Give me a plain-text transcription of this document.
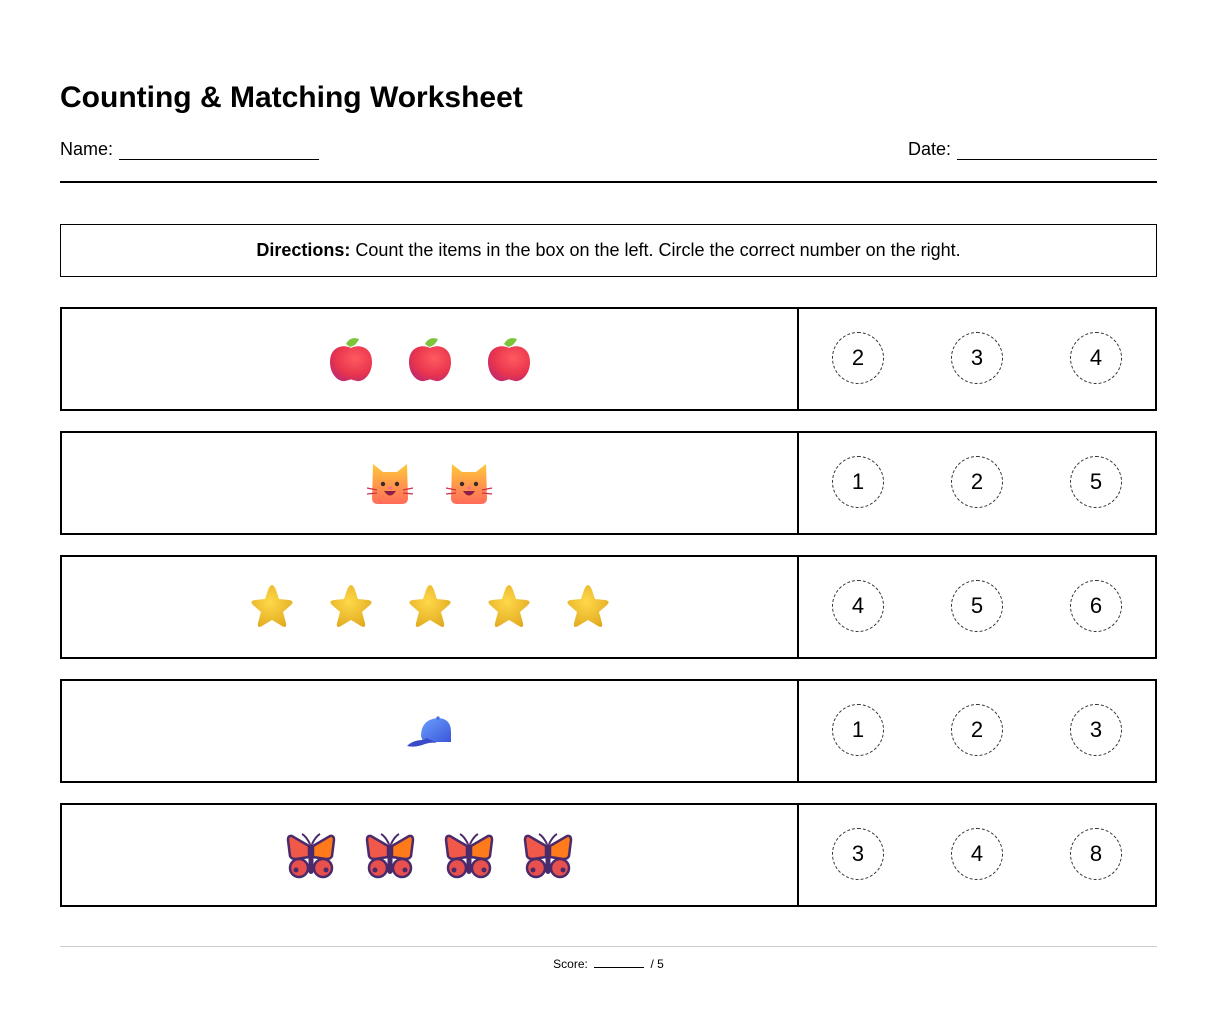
Counting & Matching Worksheet
Name:	Date:
Directions: Count the items in the box on the left. Circle the correct number on the right.
2	3	4
1	2	5
4	5	6
1	2	3
3	4	8
Score:	/ 5
